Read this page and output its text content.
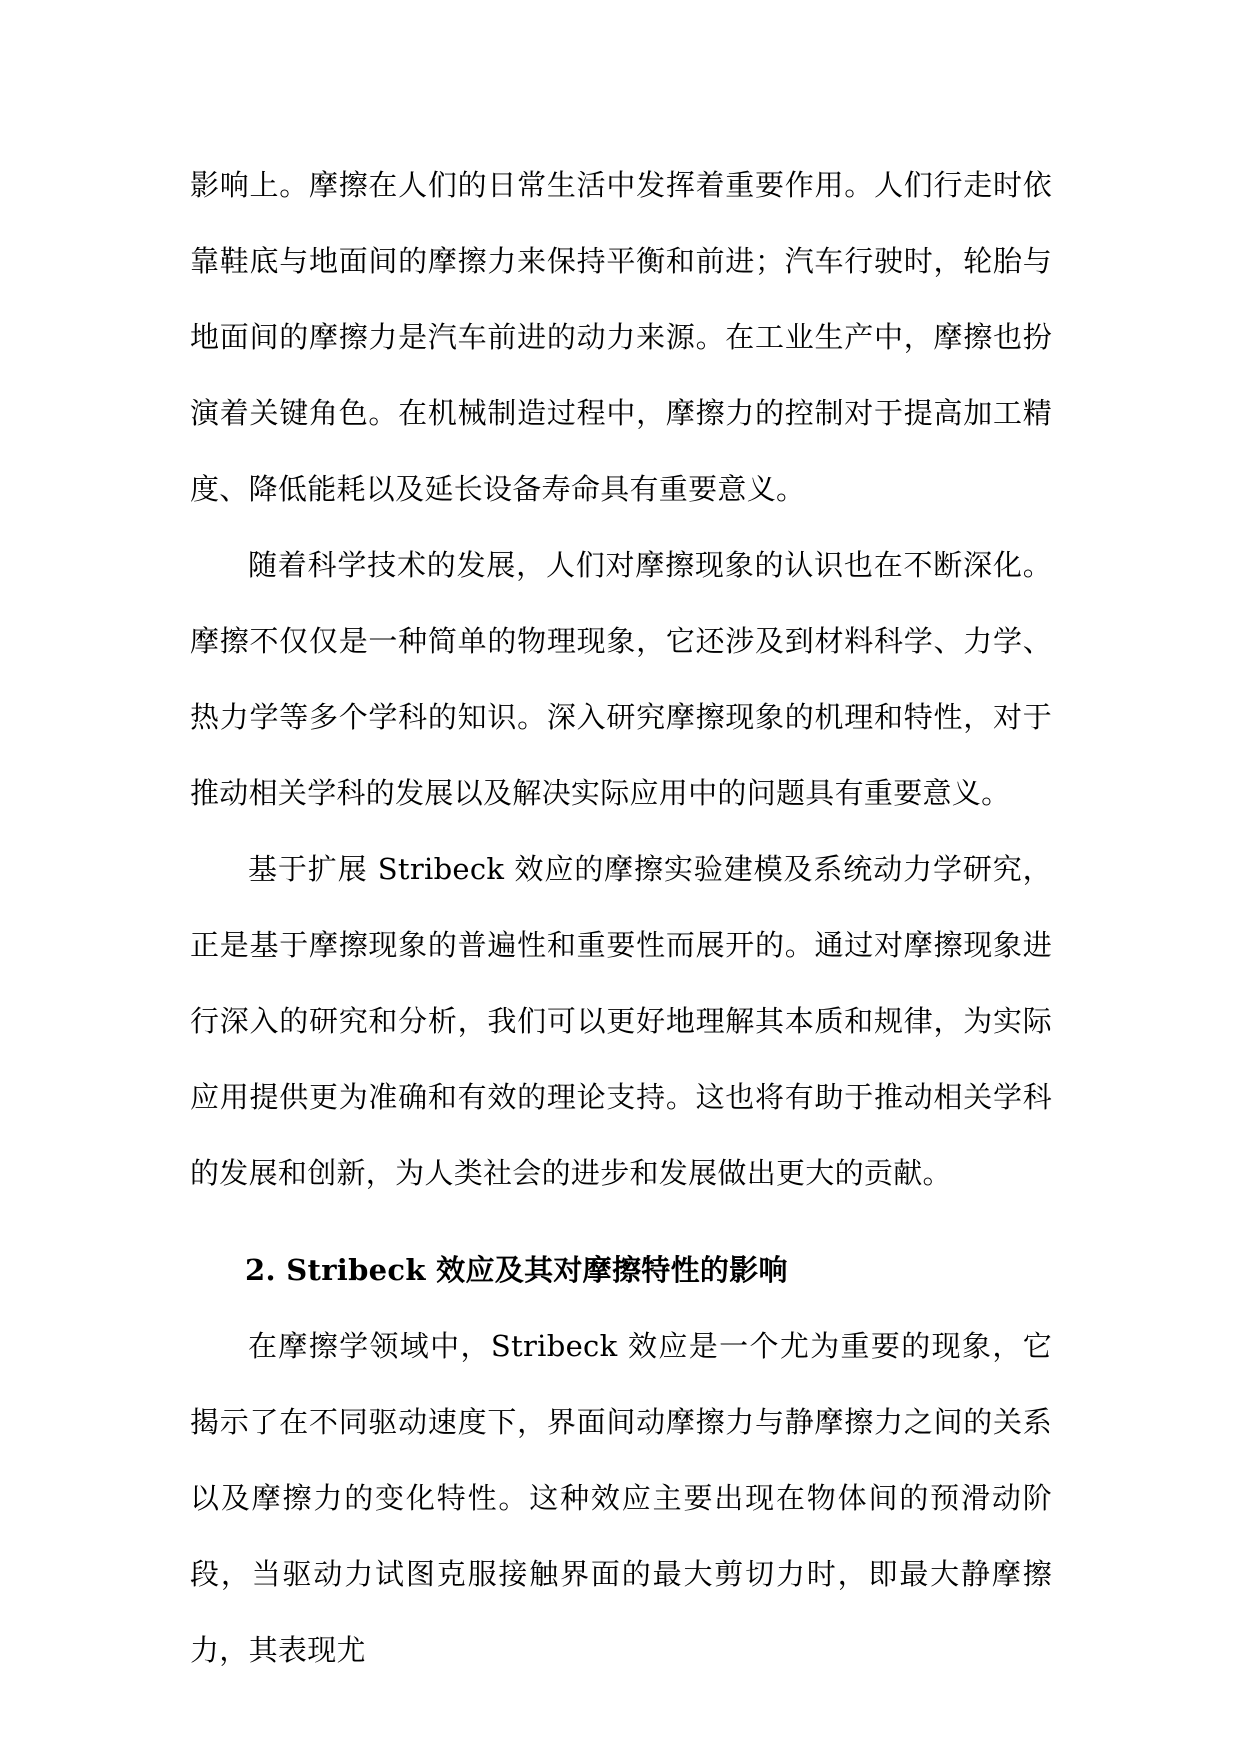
影响上。摩擦在人们的日常生活中发挥着重要作用。人们行走时依靠鞋底与地面间的摩擦力来保持平衡和前进；汽车行驶时，轮胎与地面间的摩擦力是汽车前进的动力来源。在工业生产中，摩擦也扮演着关键角色。在机械制造过程中，摩擦力的控制对于提高加工精度、降低能耗以及延长设备寿命具有重要意义。

随着科学技术的发展，人们对摩擦现象的认识也在不断深化。摩擦不仅仅是一种简单的物理现象，它还涉及到材料科学、力学、热力学等多个学科的知识。深入研究摩擦现象的机理和特性，对于推动相关学科的发展以及解决实际应用中的问题具有重要意义。

基于扩展 Stribeck 效应的摩擦实验建模及系统动力学研究，正是基于摩擦现象的普遍性和重要性而展开的。通过对摩擦现象进行深入的研究和分析，我们可以更好地理解其本质和规律，为实际应用提供更为准确和有效的理论支持。这也将有助于推动相关学科的发展和创新，为人类社会的进步和发展做出更大的贡献。

2. Stribeck 效应及其对摩擦特性的影响

在摩擦学领域中，Stribeck 效应是一个尤为重要的现象，它揭示了在不同驱动速度下，界面间动摩擦力与静摩擦力之间的关系以及摩擦力的变化特性。这种效应主要出现在物体间的预滑动阶段，当驱动力试图克服接触界面的最大剪切力时，即最大静摩擦力，其表现尤
